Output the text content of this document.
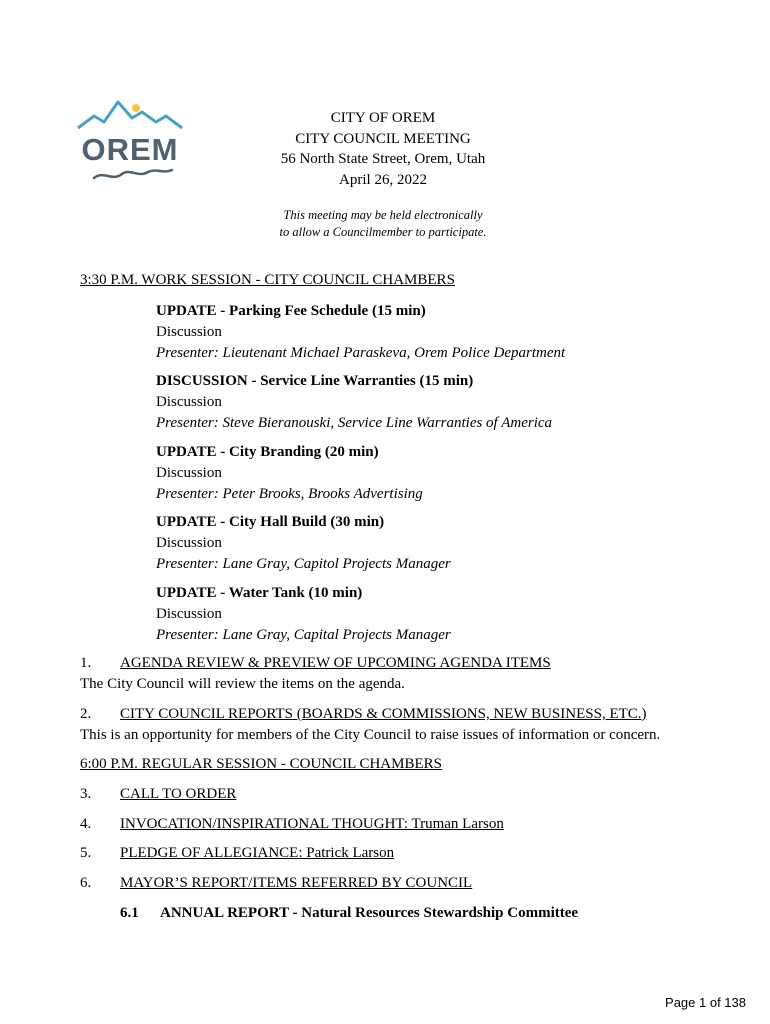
OREM
CITY OF OREM
CITY COUNCIL MEETING
56 North State Street, Orem, Utah
April 26, 2022
This meeting may be held electronically
to allow a Councilmember to participate.
3:30 P.M. WORK SESSION - CITY COUNCIL CHAMBERS
UPDATE - Parking Fee Schedule (15 min)
Discussion
Presenter: Lieutenant Michael Paraskeva, Orem Police Department
DISCUSSION - Service Line Warranties (15 min)
Discussion
Presenter: Steve Bieranouski, Service Line Warranties of America
UPDATE - City Branding (20 min)
Discussion
Presenter: Peter Brooks, Brooks Advertising
UPDATE - City Hall Build (30 min)
Discussion
Presenter: Lane Gray, Capitol Projects Manager
UPDATE - Water Tank (10 min)
Discussion
Presenter: Lane Gray, Capital Projects Manager
1. AGENDA REVIEW & PREVIEW OF UPCOMING AGENDA ITEMS
The City Council will review the items on the agenda.
2. CITY COUNCIL REPORTS (BOARDS & COMMISSIONS, NEW BUSINESS, ETC.)
This is an opportunity for members of the City Council to raise issues of information or concern.
6:00 P.M. REGULAR SESSION - COUNCIL CHAMBERS
3. CALL TO ORDER
4. INVOCATION/INSPIRATIONAL THOUGHT: Truman Larson
5. PLEDGE OF ALLEGIANCE: Patrick Larson
6. MAYOR’S REPORT/ITEMS REFERRED BY COUNCIL
6.1 ANNUAL REPORT - Natural Resources Stewardship Committee
Page 1 of 138
